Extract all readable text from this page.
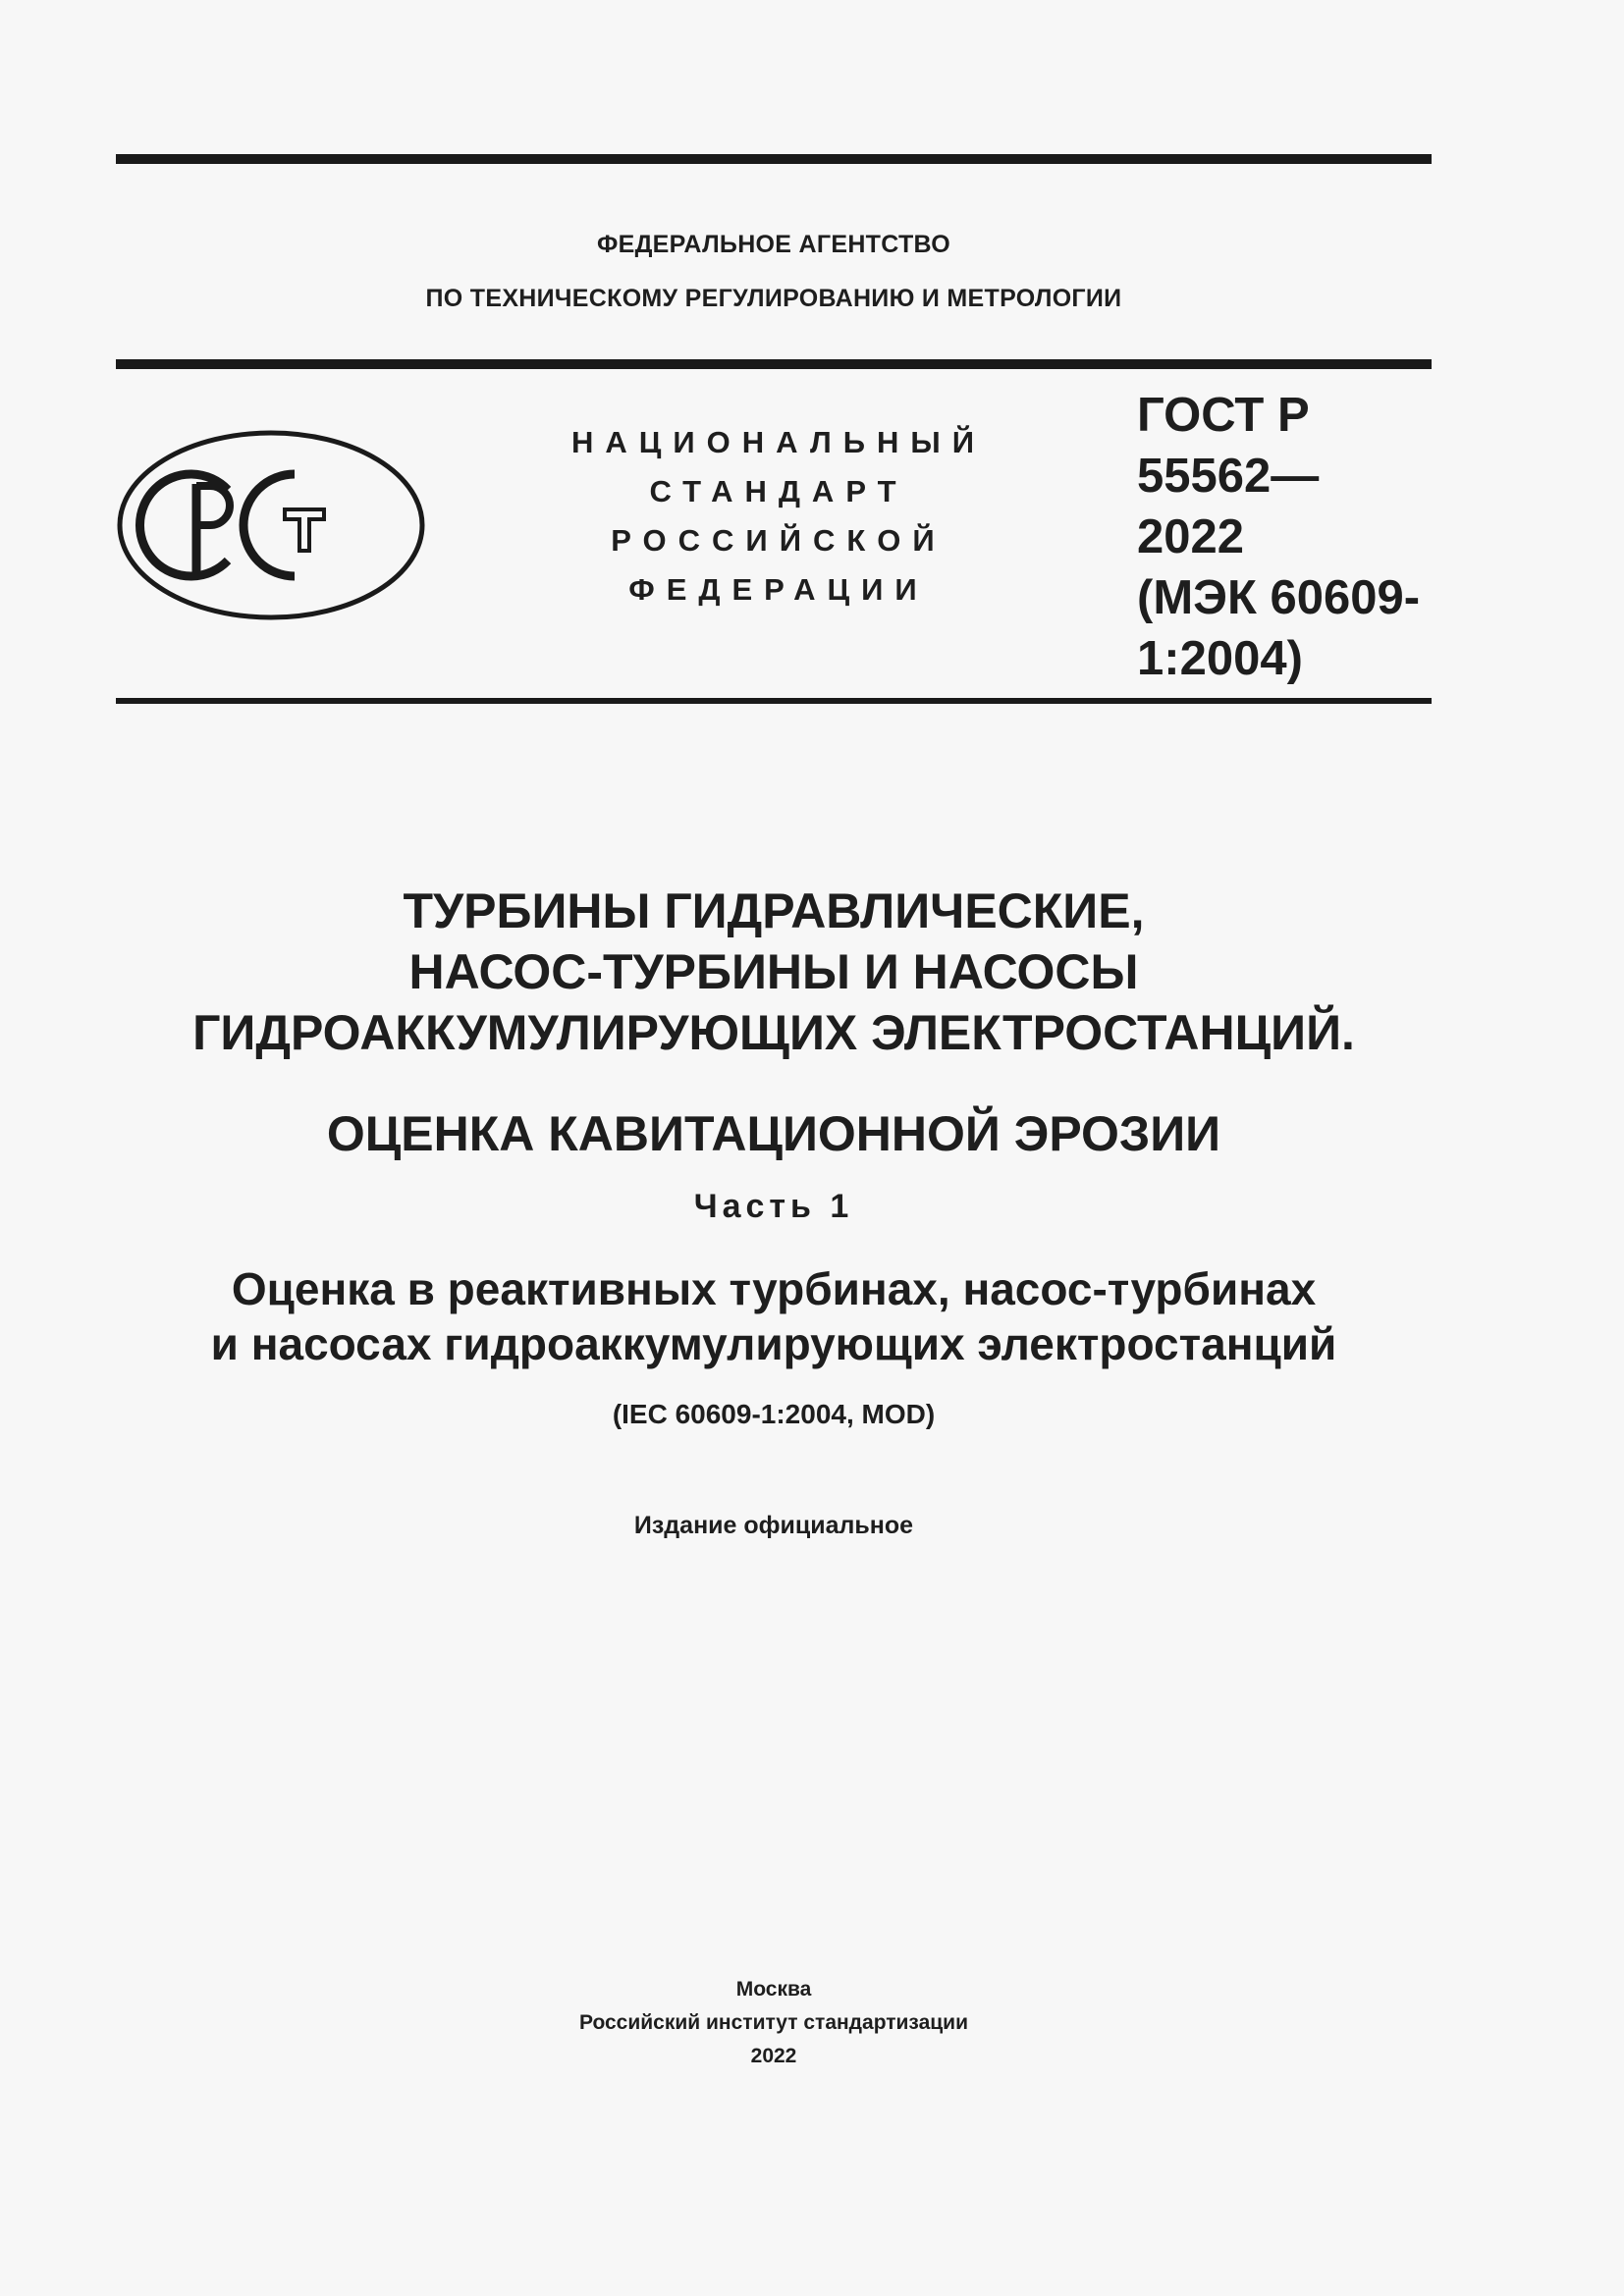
ФЕДЕРАЛЬНОЕ АГЕНТСТВО
ПО ТЕХНИЧЕСКОМУ РЕГУЛИРОВАНИЮ И МЕТРОЛОГИИ
НАЦИОНАЛЬНЫЙ
СТАНДАРТ
РОССИЙСКОЙ
ФЕДЕРАЦИИ
ГОСТ Р
55562—
2022
(МЭК 60609-
1:2004)
ТУРБИНЫ ГИДРАВЛИЧЕСКИЕ,
НАСОС-ТУРБИНЫ И НАСОСЫ
ГИДРОАККУМУЛИРУЮЩИХ ЭЛЕКТРОСТАНЦИЙ.
ОЦЕНКА КАВИТАЦИОННОЙ ЭРОЗИИ
Часть 1
Оценка в реактивных турбинах, насос-турбинах
и насосах гидроаккумулирующих электростанций
(IEC 60609-1:2004, MOD)
Издание официальное
Москва
Российский институт стандартизации
2022
